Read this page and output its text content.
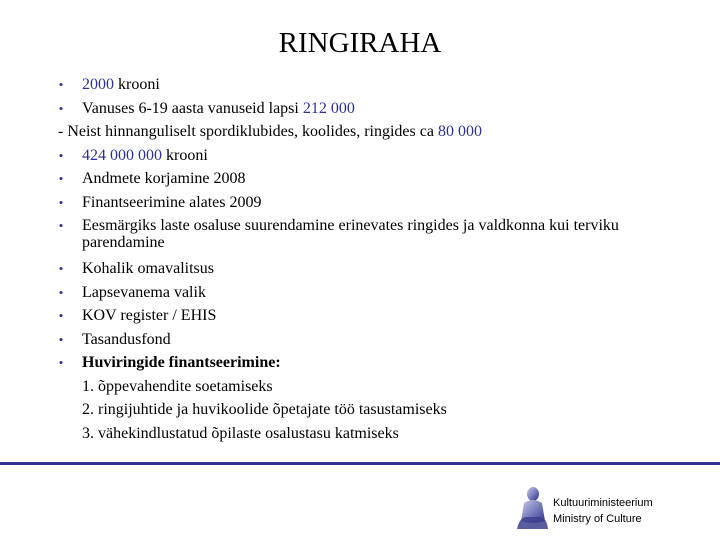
RINGIRAHA
• 2000 krooni
• Vanuses 6-19 aasta vanuseid lapsi 212 000
- Neist hinnanguliselt spordiklubides, koolides, ringides ca 80 000
• 424 000 000 krooni
• Andmete korjamine 2008
• Finantseerimine alates 2009
• Eesmärgiks laste osaluse suurendamine erinevates ringides ja valdkonna kui terviku parendamine
• Kohalik omavalitsus
• Lapsevanema valik
• KOV register / EHIS
• Tasandusfond
• Huviringide finantseerimine:
1. õppevahendite soetamiseks
2. ringijuhtide ja huvikoolide õpetajate töö tasustamiseks
3. vähekindlustatud õpilaste osalustasu katmiseks
Kultuuriministeerium
Ministry of Culture
